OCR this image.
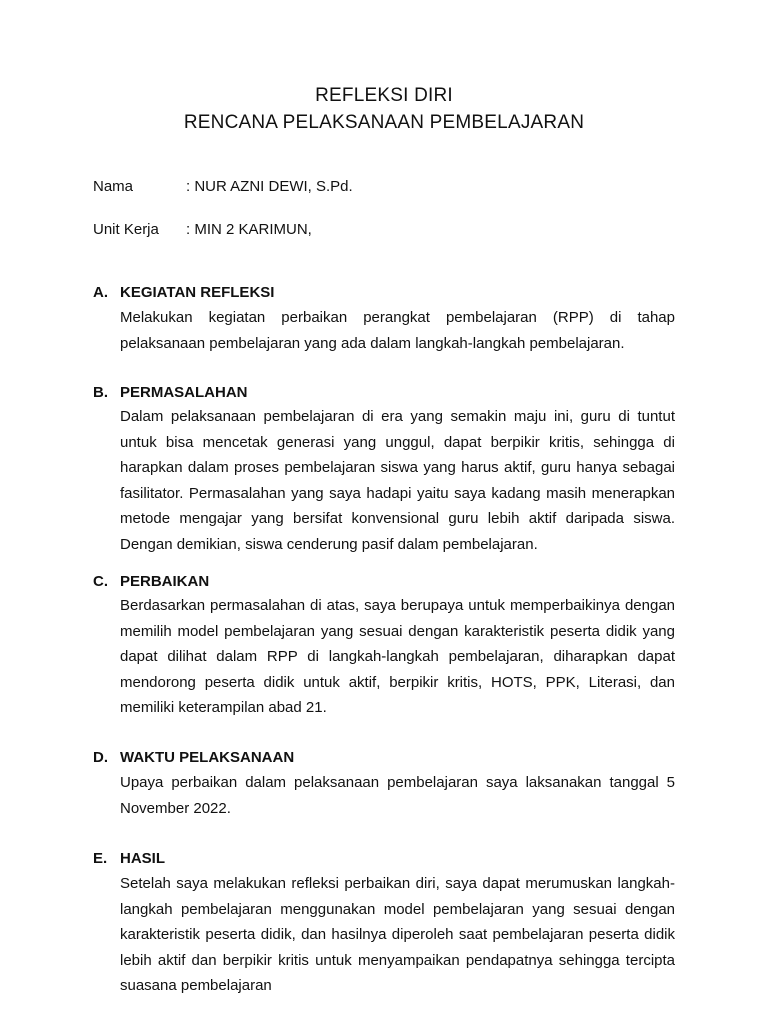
REFLEKSI DIRI
RENCANA PELAKSANAAN PEMBELAJARAN
Nama	: NUR AZNI DEWI, S.Pd.
Unit Kerja : MIN 2 KARIMUN,
A. KEGIATAN REFLEKSI

Melakukan kegiatan perbaikan perangkat pembelajaran (RPP) di tahap pelaksanaan pembelajaran yang ada dalam langkah-langkah pembelajaran.

B. PERMASALAHAN

Dalam pelaksanaan pembelajaran di era yang semakin maju ini, guru di tuntut untuk bisa mencetak generasi yang unggul, dapat berpikir kritis, sehingga di harapkan dalam proses pembelajaran siswa yang harus aktif, guru hanya sebagai fasilitator. Permasalahan yang saya hadapi yaitu saya kadang masih menerapkan metode mengajar yang bersifat konvensional guru lebih aktif daripada siswa. Dengan demikian, siswa cenderung pasif dalam pembelajaran.

C. PERBAIKAN

Berdasarkan permasalahan di atas, saya berupaya untuk memperbaikinya dengan memilih model pembelajaran yang sesuai dengan karakteristik peserta didik yang dapat dilihat dalam RPP di langkah-langkah pembelajaran, diharapkan dapat mendorong peserta didik untuk aktif, berpikir kritis, HOTS, PPK, Literasi, dan memiliki keterampilan abad 21.

D. WAKTU PELAKSANAAN

Upaya perbaikan dalam pelaksanaan pembelajaran saya laksanakan tanggal 5 November 2022.

E. HASIL

Setelah saya melakukan refleksi perbaikan diri, saya dapat merumuskan langkah-langkah pembelajaran menggunakan model pembelajaran yang sesuai dengan karakteristik peserta didik, dan hasilnya diperoleh saat pembelajaran peserta didik lebih aktif dan berpikir kritis untuk menyampaikan pendapatnya sehingga tercipta suasana pembelajaran
